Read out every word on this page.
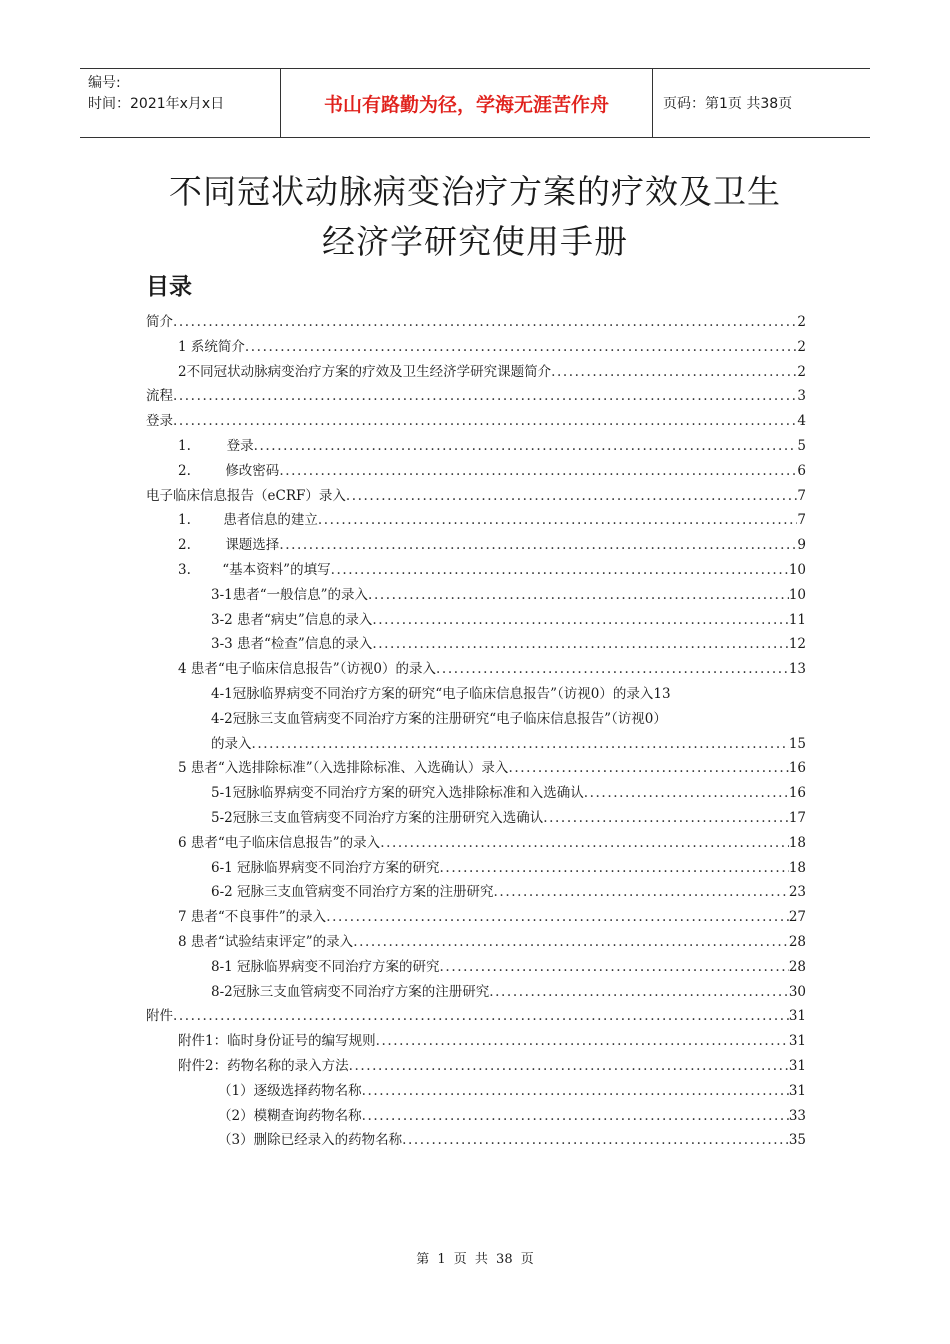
编号:
时间：2021年x月x日	书山有路勤为径，学海无涯苦作舟	页码：第1页 共38页
不同冠状动脉病变治疗方案的疗效及卫生
经济学研究使用手册
目录
简介 .....	2
1 系统简介 .....	2
2不同冠状动脉病变治疗方案的疗效及卫生经济学研究课题简介 .....	2
流程 .....	3
登录 .....	4
1.	登录 .....	5
2.	修改密码 .....	6
电子临床信息报告（eCRF）录入 .....	7
1. 患者信息的建立 .....	7
2.	课题选择 .....	9
3. “基本资料”的填写 .....	10
3-1患者“一般信息”的录入 .....	10
3-2 患者“病史”信息的录入 .....	11
3-3 患者“检查”信息的录入 .....	12
4 患者“电子临床信息报告”（访视0）的录入 .....	13
4-1冠脉临界病变不同治疗方案的研究“电子临床信息报告”（访视0）的录入 13
4-2冠脉三支血管病变不同治疗方案的注册研究“电子临床信息报告”（访视0）
的录入 .....	15
5 患者“入选排除标准”（入选排除标准、入选确认）录入 .....	16
5-1冠脉临界病变不同治疗方案的研究入选排除标准和入选确认 .....	16
5-2冠脉三支血管病变不同治疗方案的注册研究入选确认 .....	17
6 患者“电子临床信息报告”的录入 .....	18
6-1 冠脉临界病变不同治疗方案的研究 .....	18
6-2 冠脉三支血管病变不同治疗方案的注册研究 .....	23
7 患者“不良事件”的录入 .....	27
8 患者“试验结束评定”的录入 .....	28
8-1 冠脉临界病变不同治疗方案的研究 .....	28
8-2冠脉三支血管病变不同治疗方案的注册研究 .....	30
附件 .....	31
附件1：临时身份证号的编写规则 .....	31
附件2：药物名称的录入方法 .....	31
（1）逐级选择药物名称 .....	31
（2）模糊查询药物名称 .....	33
（3）删除已经录入的药物名称 .....	35
第 1 页 共 38 页
